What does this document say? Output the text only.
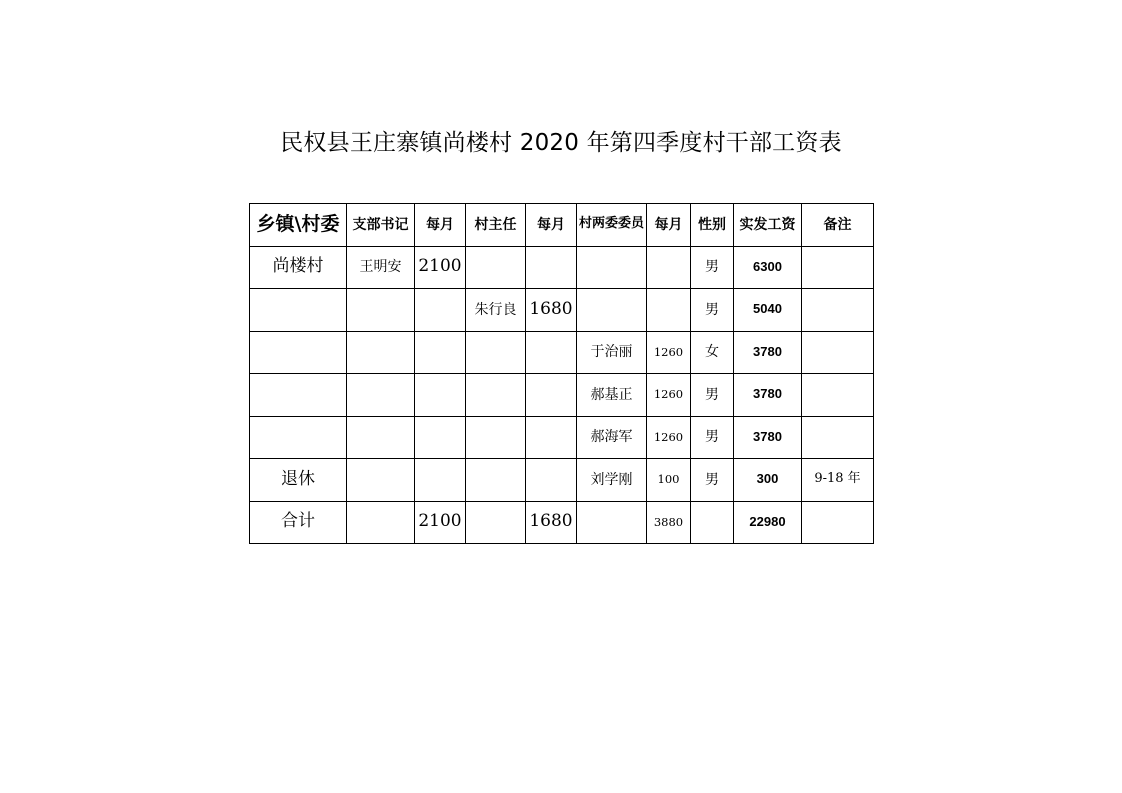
民权县王庄寨镇尚楼村 2020 年第四季度村干部工资表
乡镇\村委	支部书记	每月	村主任	每月	村两委委员	每月	性别	实发工资	备注
尚楼村	王明安	2100					男	6300	
			朱行良	1680			男	5040	
					于治丽	1260	女	3780	
					郝基正	1260	男	3780	
					郝海军	1260	男	3780	
退休					刘学刚	100	男	300	9-18 年
合计		2100		1680		3880		22980	
